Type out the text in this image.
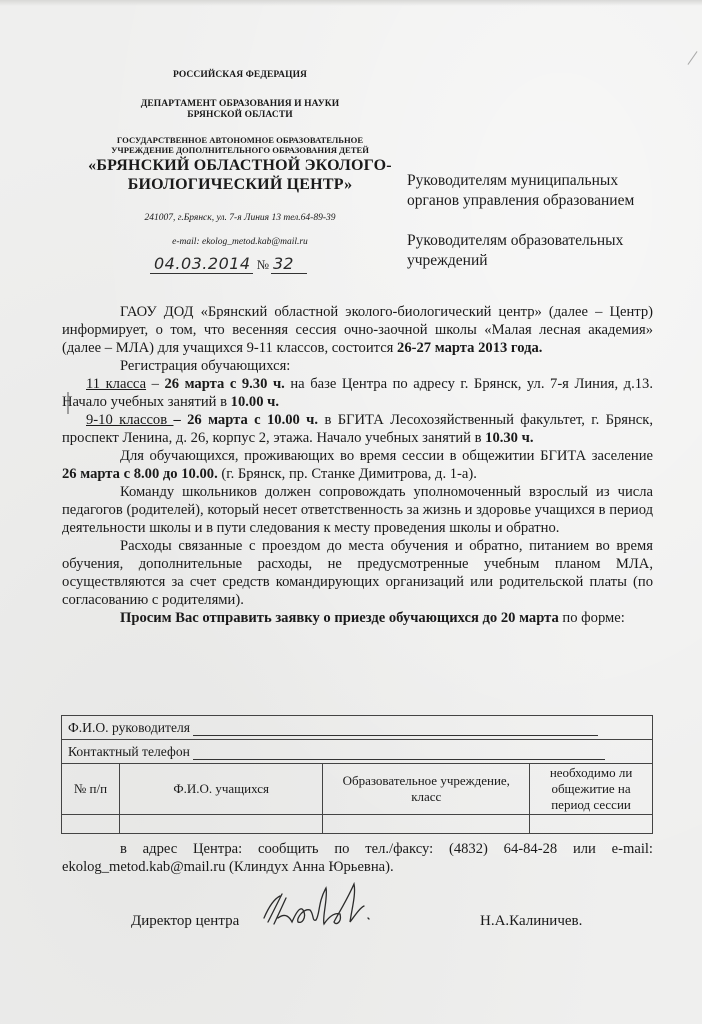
РОССИЙСКАЯ ФЕДЕРАЦИЯ
ДЕПАРТАМЕНТ ОБРАЗОВАНИЯ И НАУКИ
БРЯНСКОЙ ОБЛАСТИ
ГОСУДАРСТВЕННОЕ АВТОНОМНОЕ ОБРАЗОВАТЕЛЬНОЕ
УЧРЕЖДЕНИЕ ДОПОЛНИТЕЛЬНОГО ОБРАЗОВАНИЯ ДЕТЕЙ
«БРЯНСКИЙ ОБЛАСТНОЙ ЭКОЛОГО-
БИОЛОГИЧЕСКИЙ ЦЕНТР»
241007, г.Брянск, ул. 7-я Линия 13 тел.64-89-39
e-mail: ekolog_metod.kab@mail.ru
04.03.2014 № 32
Руководителям муниципальных
органов управления образованием
Руководителям образовательных
учреждений

ГАОУ ДОД «Брянский областной эколого-биологический центр» (далее – Центр) информирует, о том, что весенняя сессия очно-заочной школы «Малая лесная академия» (далее – МЛА) для учащихся 9-11 классов, состоится 26-27 марта 2013 года.

Регистрация обучающихся:

11 класса – 26 марта с 9.30 ч. на базе Центра по адресу г. Брянск, ул. 7-я Линия, д.13. Начало учебных занятий в 10.00 ч.

9-10 классов – 26 марта с 10.00 ч. в БГИТА Лесохозяйственный факультет, г. Брянск, проспект Ленина, д. 26, корпус 2, этажа. Начало учебных занятий в 10.30 ч.

Для обучающихся, проживающих во время сессии в общежитии БГИТА заселение 26 марта с 8.00 до 10.00. (г. Брянск, пр. Станке Димитрова, д. 1-а).

Команду школьников должен сопровождать уполномоченный взрослый из числа педагогов (родителей), который несет ответственность за жизнь и здоровье учащихся в период деятельности школы и в пути следования к месту проведения школы и обратно.

Расходы связанные с проездом до места обучения и обратно, питанием во время обучения, дополнительные расходы, не предусмотренные учебным планом МЛА, осуществляются за счет средств командирующих организаций или родительской платы (по согласованию с родителями).

Просим Вас отправить заявку о приезде обучающихся до 20 марта по форме:

Ф.И.О. руководителя			
Контактный телефон			
№ п/п	Ф.И.О. учащихся	Образовательное учреждение, класс	необходимо ли общежитие на период сессии

в адрес Центра: сообщить по тел./факсу: (4832) 64-84-28 или e-mail: ekolog_metod.kab@mail.ru (Клиндух Анна Юрьевна).

Директор центра	Н.А.Калиничев.
